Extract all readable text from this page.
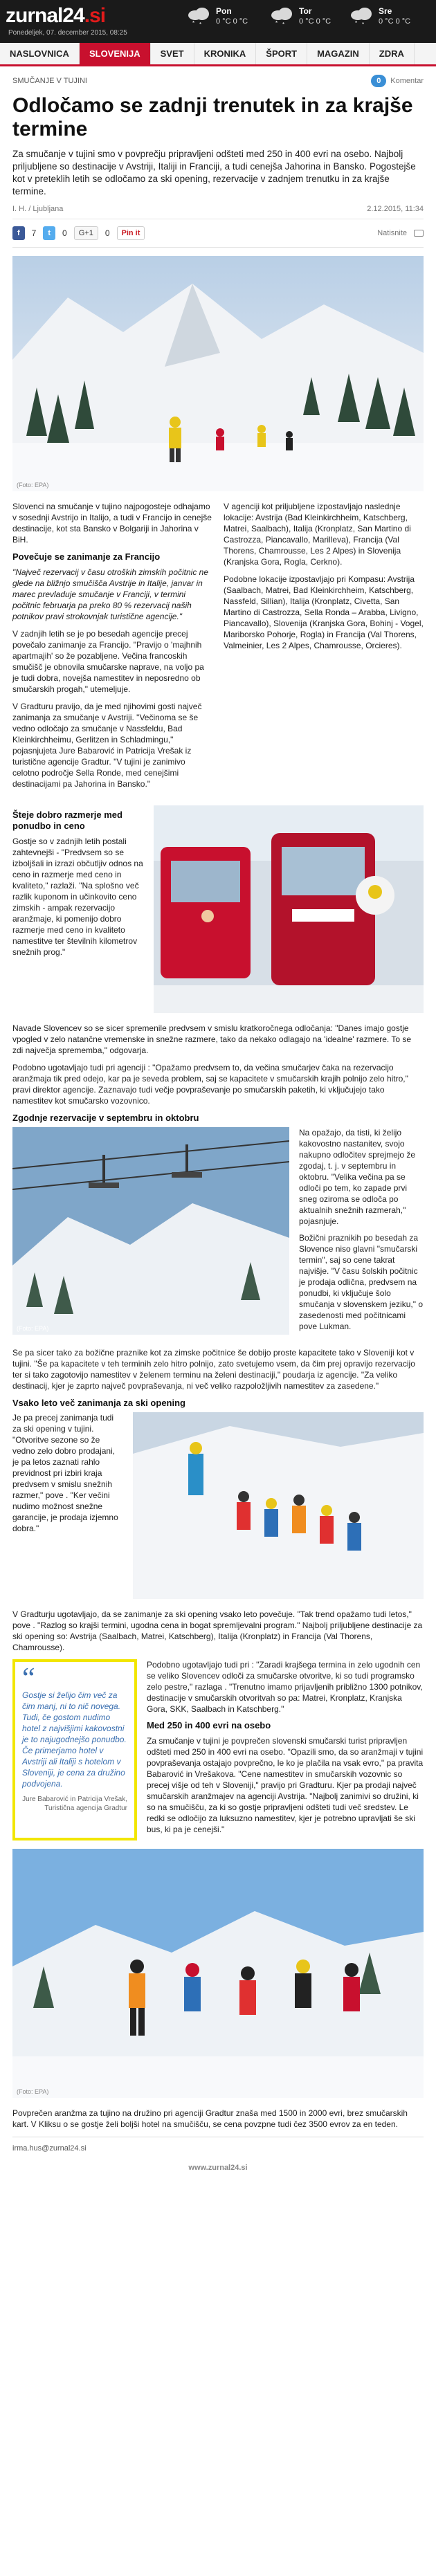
zurnal24.si
Ponedeljek, 07. december 2015, 08:25
* *
Pon
0 °C 0 °C	* *
Tor
0 °C 0 °C	* *
Sre
0 °C 0 °C
NASLOVNICA	SLOVENIJA	SVET	KRONIKA	ŠPORT	MAGAZIN	ZDRA
SMUČANJE V TUJINI	0	Komentar
Odločamo se zadnji trenutek in za krajše termine

Za smučanje v tujini smo v povprečju pripravljeni odšteti med 250 in 400 evri na osebo. Najbolj priljubljene so destinacije v Avstriji, Italiji in Franciji, a tudi cenejša Jahorina in Bansko. Pogostejše kot v preteklih letih se odločamo za ski opening, rezervacije v zadnjem trenutku in za krajše termine.

I. H. / Ljubljana	2.12.2015, 11:34
f 7 t 0	G+1	0	Pin it	Natisnite
(Foto: EPA)

Slovenci na smučanje v tujino najpogosteje odhajamo v sosednji Avstrijo in Italijo, a tudi v Francijo in cenejše destinacije, kot sta Bansko v Bolgariji in Jahorina v BiH.

Povečuje se zanimanje za Francijo

"Največ rezervacij v času otroških zimskih počitnic ne glede na bližnjo smučišča Avstrije in Italije, janvar in marec prevladuje smučanje v Franciji, v termini počitnic februarja pa preko 80 % rezervacij naših potnikov pravi strokovnjak turistične agencije."

V zadnjih letih se je po besedah agencije precej povečalo zanimanje za Francijo. "Pravijo o 'majhnih apartmajih' so že pozabljene. Večina francoskih smučišč je obnovila smučarske naprave, na voljo pa je tudi dobra, novejša namestitev in neposredno ob smučarskih progah," utemeljuje.

V Gradturu pravijo, da je med njihovimi gosti največ zanimanja za smučanje v Avstriji. "Večinoma se še vedno odločajo za smučanje v Nassfeldu, Bad Kleinkirchheimu, Gerlitzen in Schladmingu," pojasnjujeta Jure Babarović in Patricija Vrešak iz turistične agencije Gradtur. "V tujini je zanimivo celotno področje Sella Ronde, med cenejšimi destinacijami pa Jahorina in Bansko."

V agenciji kot priljubljene izpostavljajo naslednje lokacije: Avstrija (Bad Kleinkirchheim, Katschberg, Matrei, Saalbach), Italija (Kronplatz, San Martino di Castrozza, Piancavallo, Marilleva), Francija (Val Thorens, Chamrousse, Les 2 Alpes) in Slovenija (Kranjska Gora, Rogla, Cerkno).

Podobne lokacije izpostavljajo pri Kompasu: Avstrija (Saalbach, Matrei, Bad Kleinkirchheim, Katschberg, Nassfeld, Sillian), Italija (Kronplatz, Civetta, San Martino di Castrozza, Sella Ronda – Arabba, Livigno, Piancavallo), Slovenija (Kranjska Gora, Bohinj - Vogel, Mariborsko Pohorje, Rogla) in Francija (Val Thorens, Valmeinier, Les 2 Alpes, Chamrousse, Orcieres).

Šteje dobro razmerje med ponudbo in ceno

Gostje so v zadnjih letih postali zahtevnejši - "Predvsem so se izboljšali in izrazi občutljiv odnos na ceno in razmerje med ceno in kvaliteto," razlaži. "Na splošno več razlik kuponom in učinkovito ceno zimskih - ampak rezervacijo aranžmaje, ki pomenijo dobro razmerje med ceno in kvaliteto namestitve ter številnih kilometrov snežnih prog."

Navade Slovencev so se sicer spremenile predvsem v smislu kratkoročnega odločanja: "Danes imajo gostje vpogled v zelo natančne vremenske in snežne razmere, tako da nekako odlagajo na 'idealne' razmere. To se zdi največja sprememba," odgovarja.

Podobno ugotavljajo tudi pri agenciji : "Opažamo predvsem to, da večina smučarjev čaka na rezervacijo aranžmaja tik pred odejo, kar pa je seveda problem, saj se kapacitete v smučarskih krajih polnijo zelo hitro," pravi direktor agencije. Zaznavajo tudi večje povpraševanje po smučarskih paketih, ki vključujejo tako namestitev kot smučarsko vozovnico.

Zgodnje rezervacije v septembru in oktobru
(Foto: EPA)

Na opažajo, da tisti, ki želijo kakovostno nastanitev, svojo nakupno odločitev sprejmejo že zgodaj, t. j. v septembru in oktobru. "Velika večina pa se odloči po tem, ko zapade prvi sneg oziroma se odloča po aktualnih snežnih razmerah," pojasnjuje.

Božični praznikih po besedah za Slovence niso glavni "smučarski termin", saj so cene takrat najvišje. "V času šolskih počitnic je prodaja odlična, predvsem na ponudbi, ki vključuje šolo smučanja v slovenskem jeziku," o zasedenosti med počitnicami pove Lukman.

Se pa sicer tako za božične praznike kot za zimske počitnice še dobijo proste kapacitete tako v Sloveniji kot v tujini. "Še pa kapacitete v teh terminih zelo hitro polnijo, zato svetujemo vsem, da čim prej opravijo rezervacijo ter si tako zagotovijo namestitev v želenem terminu na želeni destinaciji," poudarja iz agencije. "Za veliko destinacij, kjer je zaprto največ povpraševanja, ni več veliko razpoložljivih namestitev za zasedene."

Vsako leto več zanimanja za ski opening

Je pa precej zanimanja tudi za ski opening v tujini. "Otvoritve sezone so že vedno zelo dobro prodajani, je pa letos zaznati rahlo previdnost pri izbiri kraja predvsem v smislu snežnih razmer," pove . "Ker večini nudimo možnost snežne garancije, je prodaja izjemno dobra."

V Gradturju ugotavljajo, da se zanimanje za ski opening vsako leto povečuje. "Tak trend opažamo tudi letos," pove . "Razlog so krajši termini, ugodna cena in bogat spremljevalni program." Najbolj priljubljene destinacije za ski opening so: Avstrija (Saalbach, Matrei, Katschberg), Italija (Kronplatz) in Francija (Val Thorens, Chamrousse).

“
Gostje si želijo čim več za čim manj, ni to nič novega. Tudi, če gostom nudimo hotel z najvišjimi kakovostni je to najugodnejšo ponudbo. Če primerjamo hotel v Avstriji ali Italiji s hotelom v Sloveniji, je cena za družino podvojena.
Jure Babarović in Patricija Vrešak, Turistična agencija Gradtur

Podobno ugotavljajo tudi pri : "Zaradi krajšega termina in zelo ugodnih cen se veliko Slovencev odloči za smučarske otvoritve, ki so tudi programsko zelo pestre," razlaga . "Trenutno imamo prijavljenih približno 1300 potnikov, destinacije v smučarskih otvoritvah so pa: Matrei, Kronplatz, Kranjska Gora, SKK, Saalbach in Katschberg."

Med 250 in 400 evri na osebo

Za smučanje v tujini je povprečen slovenski smučarski turist pripravljen odšteti med 250 in 400 evri na osebo. "Opazili smo, da so aranžmaji v tujini povpraševanja ostajajo povprečno, le ko je plačila na vsak evro," pa pravita Babarović in Vrešakova. "Cene namestitev in smučarskih vozovnic so precej višje od teh v Sloveniji," pravijo pri Gradturu. Kjer pa prodaji največ smučarskih aranžmajev na agenciji Avstrija. "Najbolj zanimivi so družini, ki so na smučišču, za ki so gostje pripravljeni odšteti tudi več sredstev. Le redki se odločijo za luksuzno namestitev, kjer je potrebno upravljati še ski bus, ki pa je cenejši."

(Foto: EPA)

Povprečen aranžma za tujino na družino pri agenciji Gradtur znaša med 1500 in 2000 evri, brez smučarskih kart. V Kliksu o se gostje želi boljši hotel na smučišču, se cena povzpne tudi čez 3500 evrov za en teden.

irma.hus@zurnal24.si
www.zurnal24.si
